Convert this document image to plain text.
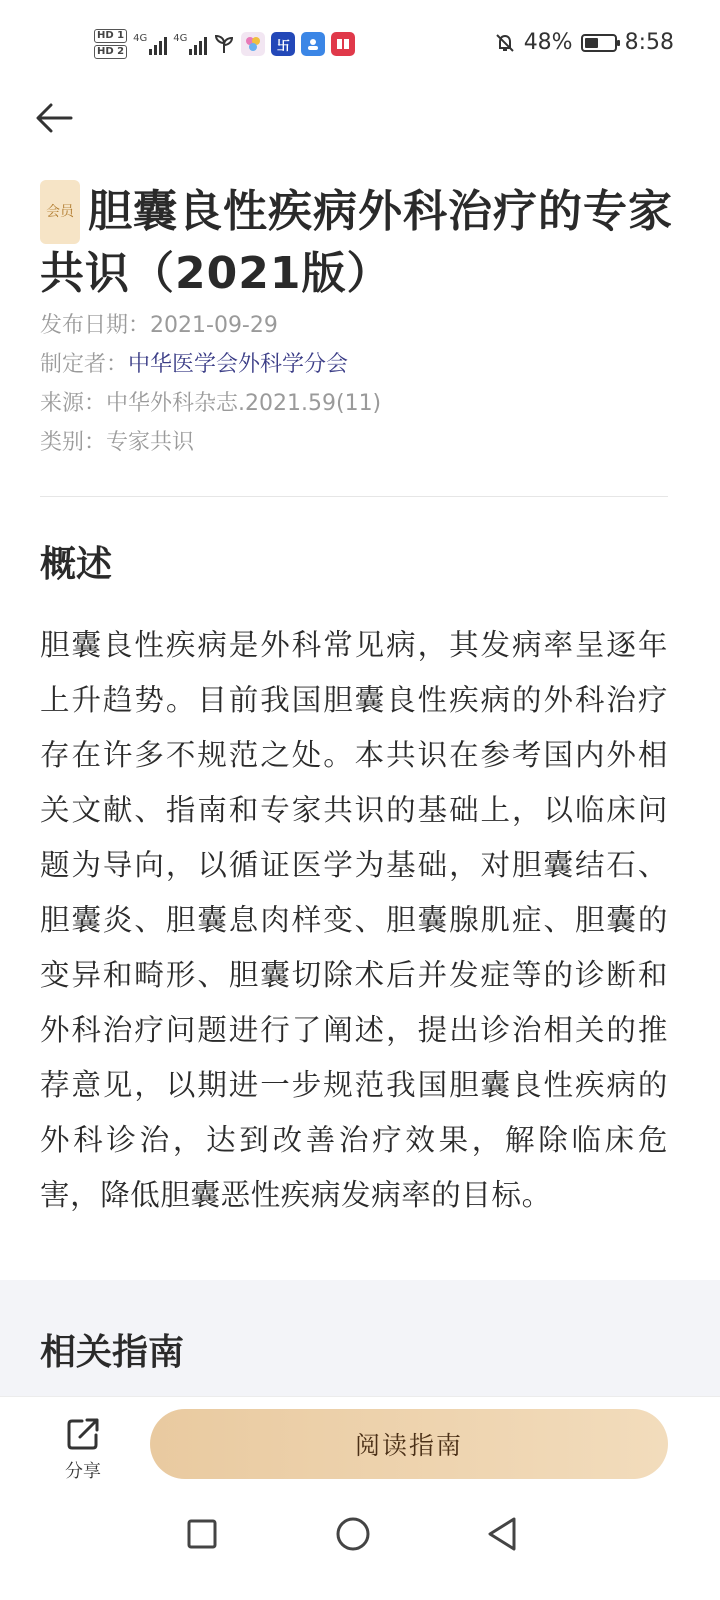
HD 1
HD 2
4G	4G	卐	48% 8:58
会员 胆囊良性疾病外科治疗的专家共识（2021版）
发布日期：2021-09-29
制定者：中华医学会外科学分会
来源：中华外科杂志.2021.59(11)
类别：专家共识
概述
胆囊良性疾病是外科常见病，其发病率呈逐年上升趋势。目前我国胆囊良性疾病的外科治疗存在许多不规范之处。本共识在参考国内外相关文献、指南和专家共识的基础上，以临床问题为导向，以循证医学为基础，对胆囊结石、胆囊炎、胆囊息肉样变、胆囊腺肌症、胆囊的变异和畸形、胆囊切除术后并发症等的诊断和外科治疗问题进行了阐述，提出诊治相关的推荐意见，以期进一步规范我国胆囊良性疾病的外科诊治，达到改善治疗效果，解除临床危害，降低胆囊恶性疾病发病率的目标。
相关指南
分享
阅读指南
